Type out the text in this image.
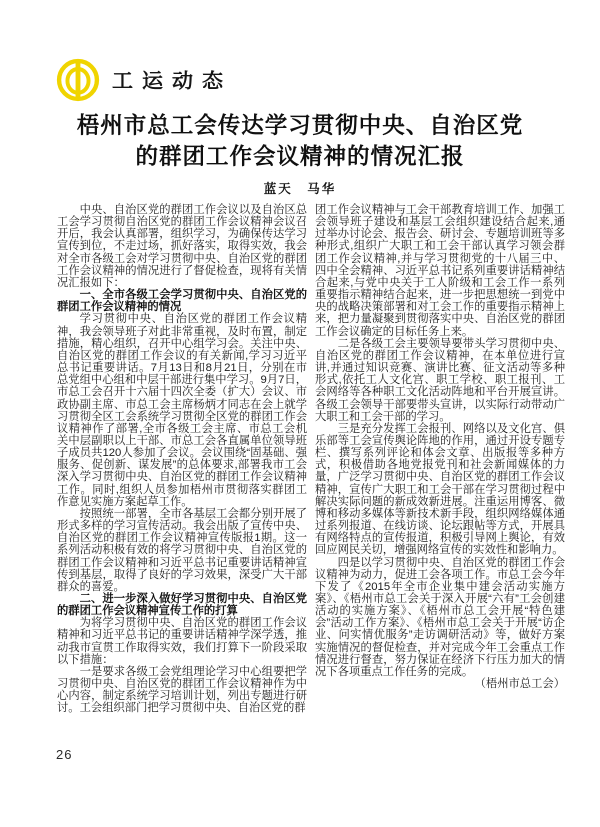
工运动态
梧州市总工会传达学习贯彻中央、自治区党
的群团工作会议精神的情况汇报
蓝天　马华

中央、自治区党的群团工作会议以及自治区总工会学习贯彻自治区党的群团工作会议精神会议召开后，我会认真部署，组织学习，为确保传达学习宣传到位，不走过场，抓好落实，取得实效，我会对全市各级工会对学习贯彻中央、自治区党的群团工作会议精神的情况进行了督促检查，现将有关情况汇报如下：

一、全市各级工会学习贯彻中央、自治区党的群团工作会议精神的情况

学习贯彻中央、自治区党的群团工作会议精神，我会领导班子对此非常重视，及时布置，制定措施，精心组织，召开中心组学习会。关注中央、自治区党的群团工作会议的有关新闻,学习习近平总书记重要讲话。7月13日和8月21日，分别在市总党组中心组和中层干部进行集中学习。9月7日，市总工会召开十六届十四次全委（扩大）会议、市政协副主席、市总工会主席杨炳才同志在会上就学习贯彻全区工会系统学习贯彻全区党的群团工作会议精神作了部署,全市各级工会主席、市总工会机关中层副职以上干部、市总工会各直属单位领导班子成员共120人参加了会议。会议围绕“固基础、强服务、促创新、谋发展”的总体要求,部署我市工会深入学习贯彻中央、自治区党的群团工作会议精神工作。同时,组织人员参加梧州市贯彻落实群团工作意见实施方案起草工作。

按照统一部署，全市各基层工会都分别开展了形式多样的学习宣传活动。我会出版了宣传中央、自治区党的群团工作会议精神宣传版报1期。这一系列活动积极有效的将学习贯彻中央、自治区党的群团工作会议精神和习近平总书记重要讲话精神宣传到基层，取得了良好的学习效果，深受广大干部群众的喜爱。

二、进一步深入做好学习贯彻中央、自治区党的群团工作会议精神宣传工作的打算

为将学习贯彻中央、自治区党的群团工作会议精神和习近平总书记的重要讲话精神学深学透，推动我市宣贯工作取得实效，我们打算下一阶段采取以下措施：

一是要求各级工会党组理论学习中心组要把学习贯彻中央、自治区党的群团工作会议精神作为中心内容，制定系统学习培训计划，列出专题进行研讨。工会组织部门把学习贯彻中央、自治区党的群

团工作会议精神与工会干部教育培训工作、加强工会领导班子建设和基层工会组织建设结合起来,通过举办讨论会、报告会、研讨会、专题培训班等多种形式,组织广大职工和工会干部认真学习领会群团工作会议精神,并与学习贯彻党的十八届三中、四中全会精神、习近平总书记系列重要讲话精神结合起来,与党中央关于工人阶级和工会工作一系列重要指示精神结合起来，进一步把思想统一到党中央的战略决策部署和对工会工作的重要指示精神上来，把力量凝聚到贯彻落实中央、自治区党的群团工作会议确定的目标任务上来。

二是各级工会主要领导要带头学习贯彻中央、自治区党的群团工作会议精神，在本单位进行宣讲,并通过知识竞赛、演讲比赛、征文活动等多种形式,依托工人文化宫、职工学校、职工报刊、工会网络等各种职工文化活动阵地和平台开展宣讲。各级工会领导干部要带头宣讲，以实际行动带动广大职工和工会干部的学习。

三是充分发挥工会报刊、网络以及文化宫、俱乐部等工会宣传舆论阵地的作用，通过开设专题专栏、撰写系列评论和体会文章、出版报等多种方式，积极借助各地党报党刊和社会新闻媒体的力量，广泛学习贯彻中央、自治区党的群团工作会议精神，宣传广大职工和工会干部在学习贯彻过程中解决实际问题的新成效新进展。注重运用博客、微博和移动多媒体等新技术新手段，组织网络媒体通过系列报道、在线访谈、论坛跟帖等方式，开展具有网络特点的宣传报道，积极引导网上舆论，有效回应网民关切，增强网络宣传的实效性和影响力。

四是以学习贯彻中央、自治区党的群团工作会议精神为动力，促进工会各项工作。市总工会今年下发了《2015年全市企业集中建会活动实施方案》、《梧州市总工会关于深入开展“六有”工会创建活动的实施方案》、《梧州市总工会开展“特色建会”活动工作方案》、《梧州市总工会关于开展“访企业、问实情优服务”走访调研活动》等，做好方案实施情况的督促检查，并对完成今年工会重点工作情况进行督查，努力保证在经济下行压力加大的情况下各项重点工作任务的完成。

（梧州市总工会）

26
